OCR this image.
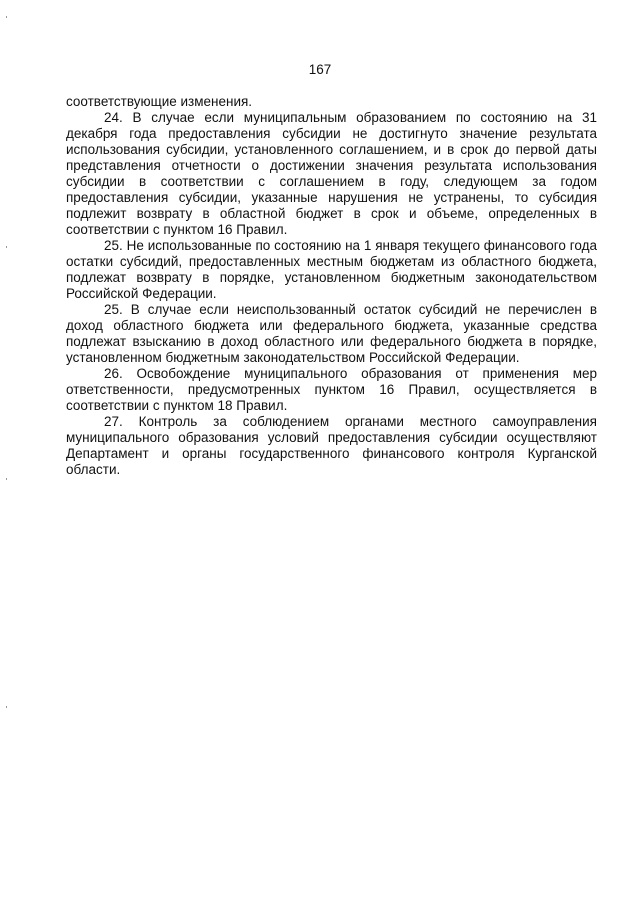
167

соответствующие изменения.

24. В случае если муниципальным образованием по состоянию на 31 декабря года предоставления субсидии не достигнуто значение результата использования субсидии, установленного соглашением, и в срок до первой даты представления отчетности о достижении значения результата использования субсидии в соответствии с соглашением в году, следующем за годом предоставления субсидии, указанные нарушения не устранены, то субсидия подлежит возврату в областной бюджет в срок и объеме, определенных в соответствии с пунктом 16 Правил.

25. Не использованные по состоянию на 1 января текущего финансового года остатки субсидий, предоставленных местным бюджетам из областного бюджета, подлежат возврату в порядке, установленном бюджетным законодательством Российской Федерации.

25. В случае если неиспользованный остаток субсидий не перечислен в доход областного бюджета или федерального бюджета, указанные средства подлежат взысканию в доход областного или федерального бюджета в порядке, установленном бюджетным законодательством Российской Федерации.

26. Освобождение муниципального образования от применения мер ответственности, предусмотренных пунктом 16 Правил, осуществляется в соответствии с пунктом 18 Правил.

27. Контроль за соблюдением органами местного самоуправления муниципального образования условий предоставления субсидии осуществляют Департамент и органы государственного финансового контроля Курганской области.
